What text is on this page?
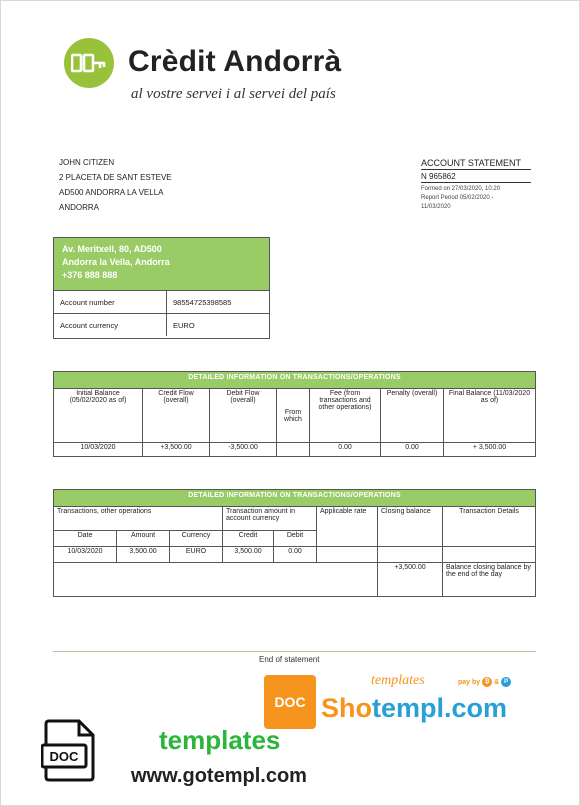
Crèdit Andorrà
al vostre servei i al servei del país
JOHN CITIZEN
2 PLACETA DE SANT ESTEVE
AD500 ANDORRA LA VELLA
ANDORRA
ACCOUNT STATEMENT
N 965862
Formed on 27/03/2020, 10:20
Report Period 05/02/2020 -
11/03/2020
Av. Meritxell, 80, AD500
Andorra la Vella, Andorra
+376 888 888
Account number	98554725398585
Account currency	EURO
DETAILED INFORMATION ON TRANSACTIONS/OPERATIONS						
Initial Balance (05/02/2020 as of)	Credit Flow (overall)	Debit Flow (overall)	From which	Fee (from transactions and other operations)	Penalty (overall)	Final Balance (11/03/2020 as of)
10/03/2020	+3,500.00	-3,500.00		0.00	0.00	+ 3,500.00
DETAILED INFORMATION ON TRANSACTIONS/OPERATIONS							
Transactions, other operations			Transaction amount in account currency		Applicable rate	Closing balance	Transaction Details
Date	Amount	Currency	Credit	Debit			
10/03/2020	3,500.00	EURO	3,500.00	0.00			
						+3,500.00	Balance closing balance by the end of the day
End of statement
DOC
templates	pay by ₿ & P
Shotempl.com
DOC
templates
www.gotempl.com
